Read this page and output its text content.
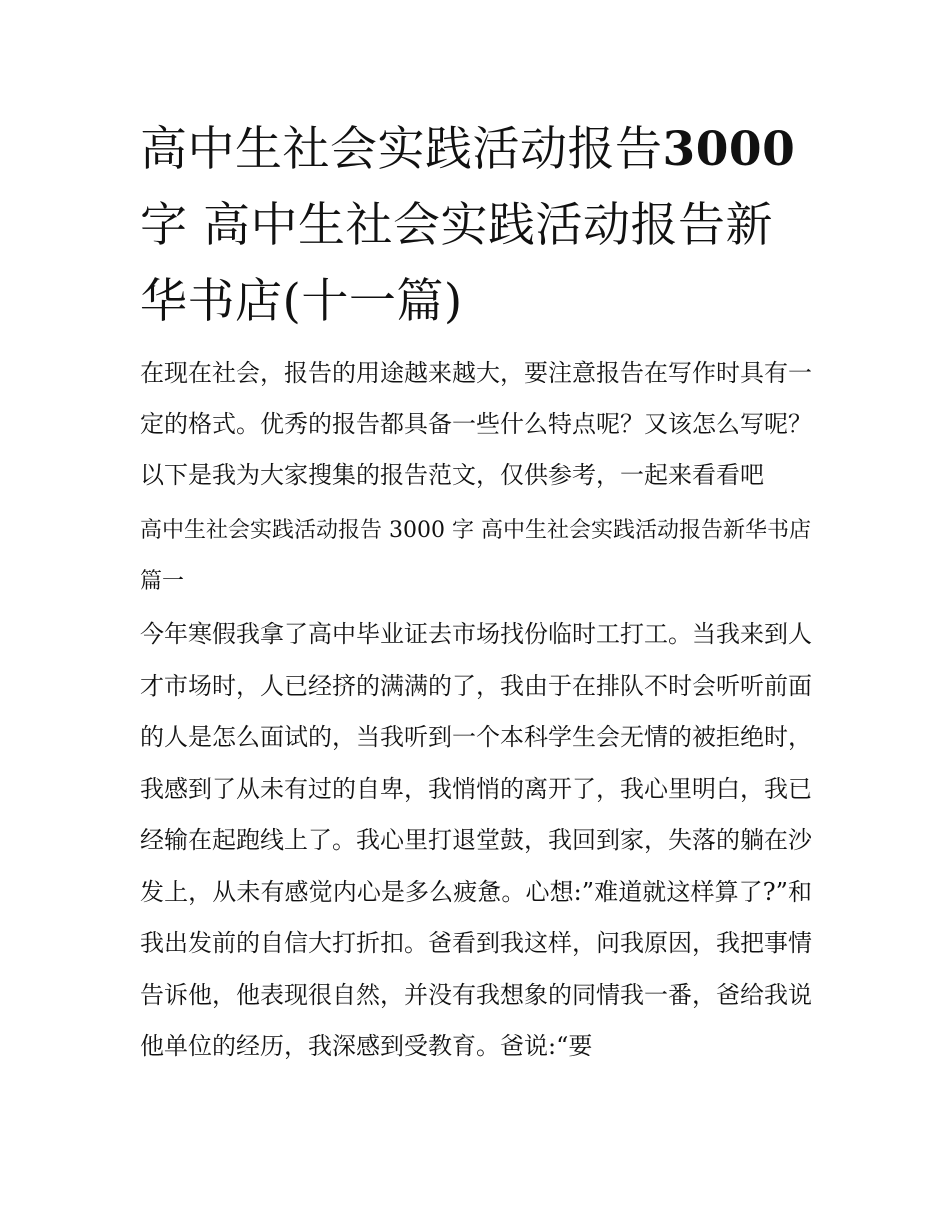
高中生社会实践活动报告3000
字 高中生社会实践活动报告新华书店(十一篇)

在现在社会，报告的用途越来越大，要注意报告在写作时具有一定的格式。优秀的报告都具备一些什么特点呢？又该怎么写呢？以下是我为大家搜集的报告范文，仅供参考，一起来看看吧

高中生社会实践活动报告 3000 字 高中生社会实践活动报告新华书店篇一

今年寒假我拿了高中毕业证去市场找份临时工打工。当我来到人才市场时，人已经挤的满满的了，我由于在排队不时会听听前面的人是怎么面试的，当我听到一个本科学生会无情的被拒绝时，我感到了从未有过的自卑，我悄悄的离开了，我心里明白，我已经输在起跑线上了。我心里打退堂鼓，我回到家，失落的躺在沙发上，从未有感觉内心是多么疲惫。心想:”难道就这样算了?”和我出发前的自信大打折扣。爸看到我这样，问我原因，我把事情告诉他，他表现很自然，并没有我想象的同情我一番，爸给我说他单位的经历，我深感到受教育。爸说:“要
